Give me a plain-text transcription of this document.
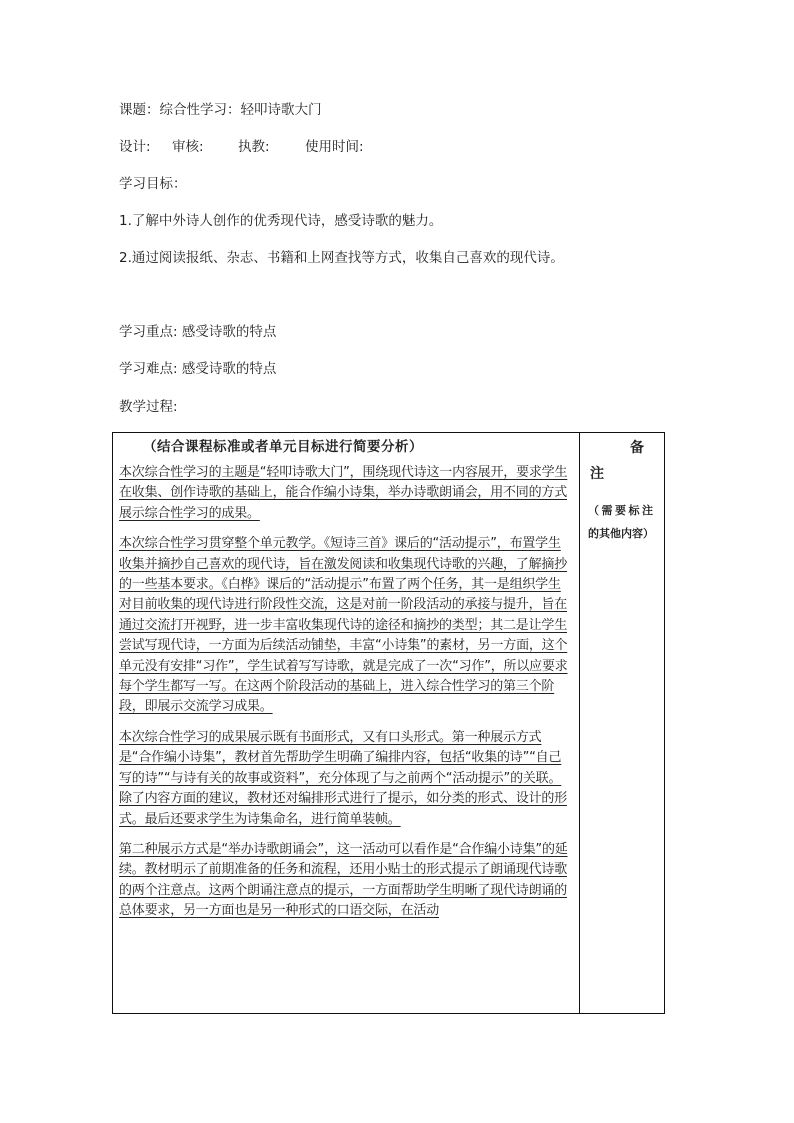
课题：综合性学习：轻叩诗歌大门
设计: 审核:	执教:	使用时间:
学习目标：
1.了解中外诗人创作的优秀现代诗，感受诗歌的魅力。
2.通过阅读报纸、杂志、书籍和上网查找等方式，收集自己喜欢的现代诗。
学习重点: 感受诗歌的特点
学习难点: 感受诗歌的特点
教学过程:
（结合课程标准或者单元目标进行简要分析）

本次综合性学习的主题是“轻叩诗歌大门”，围绕现代诗这一内容展开，要求学生在收集、创作诗歌的基础上，能合作编小诗集，举办诗歌朗诵会，用不同的方式展示综合性学习的成果。

本次综合性学习贯穿整个单元教学。《短诗三首》课后的“活动提示”，布置学生收集并摘抄自己喜欢的现代诗，旨在激发阅读和收集现代诗歌的兴趣，了解摘抄的一些基本要求。《白桦》课后的“活动提示”布置了两个任务，其一是组织学生对目前收集的现代诗进行阶段性交流，这是对前一阶段活动的承接与提升，旨在通过交流打开视野，进一步丰富收集现代诗的途径和摘抄的类型；其二是让学生尝试写现代诗，一方面为后续活动铺垫，丰富“小诗集”的素材，另一方面，这个单元没有安排“习作”，学生试着写写诗歌，就是完成了一次“习作”，所以应要求每个学生都写一写。在这两个阶段活动的基础上，进入综合性学习的第三个阶段，即展示交流学习成果。

本次综合性学习的成果展示既有书面形式，又有口头形式。第一种展示方式是“合作编小诗集”，教材首先帮助学生明确了编排内容，包括“收集的诗”“自己写的诗”“与诗有关的故事或资料”，充分体现了与之前两个“活动提示”的关联。除了内容方面的建议，教材还对编排形式进行了提示，如分类的形式、设计的形式。最后还要求学生为诗集命名，进行简单装帧。

第二种展示方式是“举办诗歌朗诵会”，这一活动可以看作是“合作编小诗集”的延续。教材明示了前期准备的任务和流程，还用小贴士的形式提示了朗诵现代诗歌的两个注意点。这两个朗诵注意点的提示，一方面帮助学生明晰了现代诗朗诵的总体要求，另一方面也是另一种形式的口语交际，在活动

备
注
（需要标注
的其他内容）
